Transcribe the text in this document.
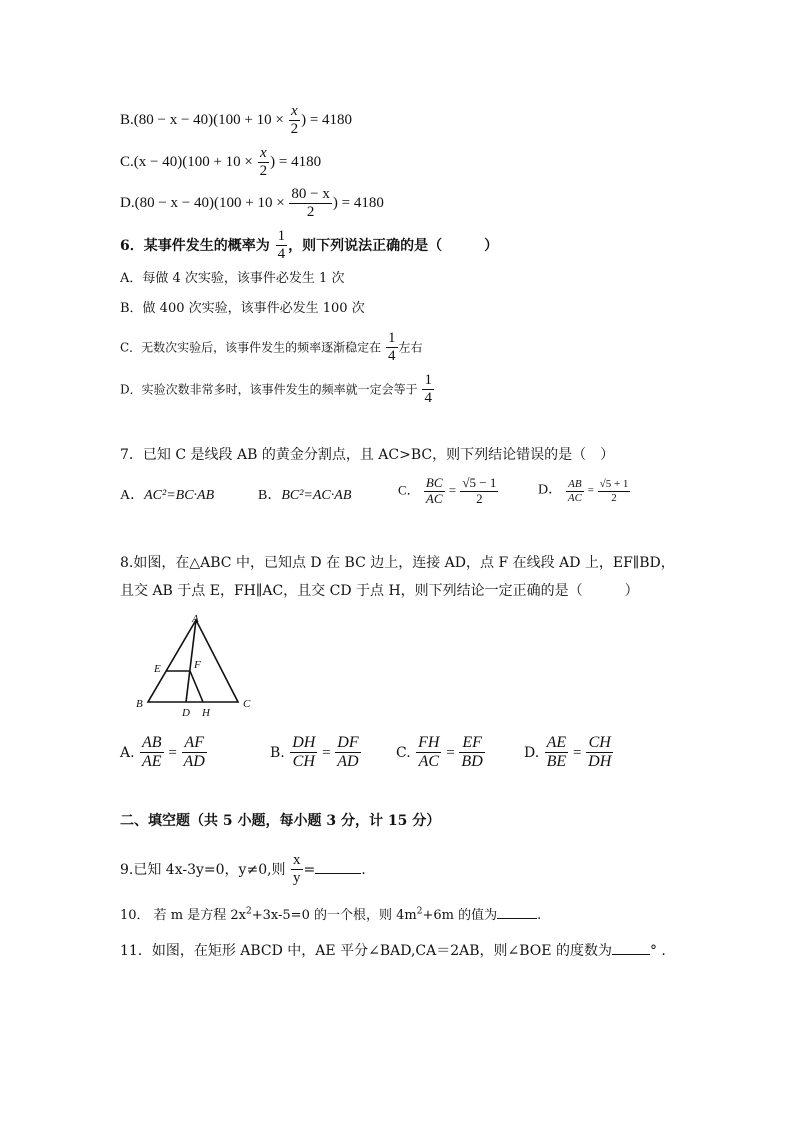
$B.(80 - x - 40)(100 + 10 \times \frac{x}{2}$ ) = 4180
$C.(x - 40)(100 + 10 \times \frac{x}{2}$ ) = 4180
$D.(80 - x - 40)(100 + 10 \times \frac{80 - x}{2}$ ) = 4180
6．某事件发生的概率为 $\frac{1}{4}$ ，则下列说法正确的是（　　　）
A．每做 4 次实验，该事件必发生 1 次
B．做 400 次实验，该事件必发生 100 次
C．无数次实验后，该事件发生的频率逐渐稳定在 $\frac{1}{4}$ 左右
D．实验次数非常多时，该事件发生的频率就一定会等于 $\frac{1}{4}$
7．已知 C 是线段 AB 的黄金分割点，且 AC>BC，则下列结论错误的是（　）
A．AC²=BC·AB	B．BC²=AC·AB	C． $\frac{BC}{AC} = \frac{√5 - 1}{2}$	D． $\frac{AB}{AC} = \frac{√5 + 1}{2}$
8.如图，在△ABC 中，已知点 D 在 BC 边上，连接 AD，点 F 在线段 AD 上，EF∥BD，
且交 AB 于点 E，FH∥AC，且交 CD 于点 H，则下列结论一定正确的是（　　　）
A
B	C
D
E	F
H
A. $\frac{AB}{AE} = \frac{AF}{AD}$	B. $\frac{DH}{CH} = \frac{DF}{AD}$	C. $\frac{FH}{AC} = \frac{EF}{BD}$	D. $\frac{AE}{BE} = \frac{CH}{DH}$
二、填空题（共 5 小题，每小题 3 分，计 15 分）
9.已知 4x-3y=0，y≠0,则 $\frac{x}{y}$ =	.
10． 若 m 是方程 $2x^2+3x-5=0$ 的一个根，则 $4m^2+6m$ 的值为	.
11．如图，在矩形 ABCD 中，AE 平分∠BAD,CA＝2AB，则∠BOE 的度数为	° .
